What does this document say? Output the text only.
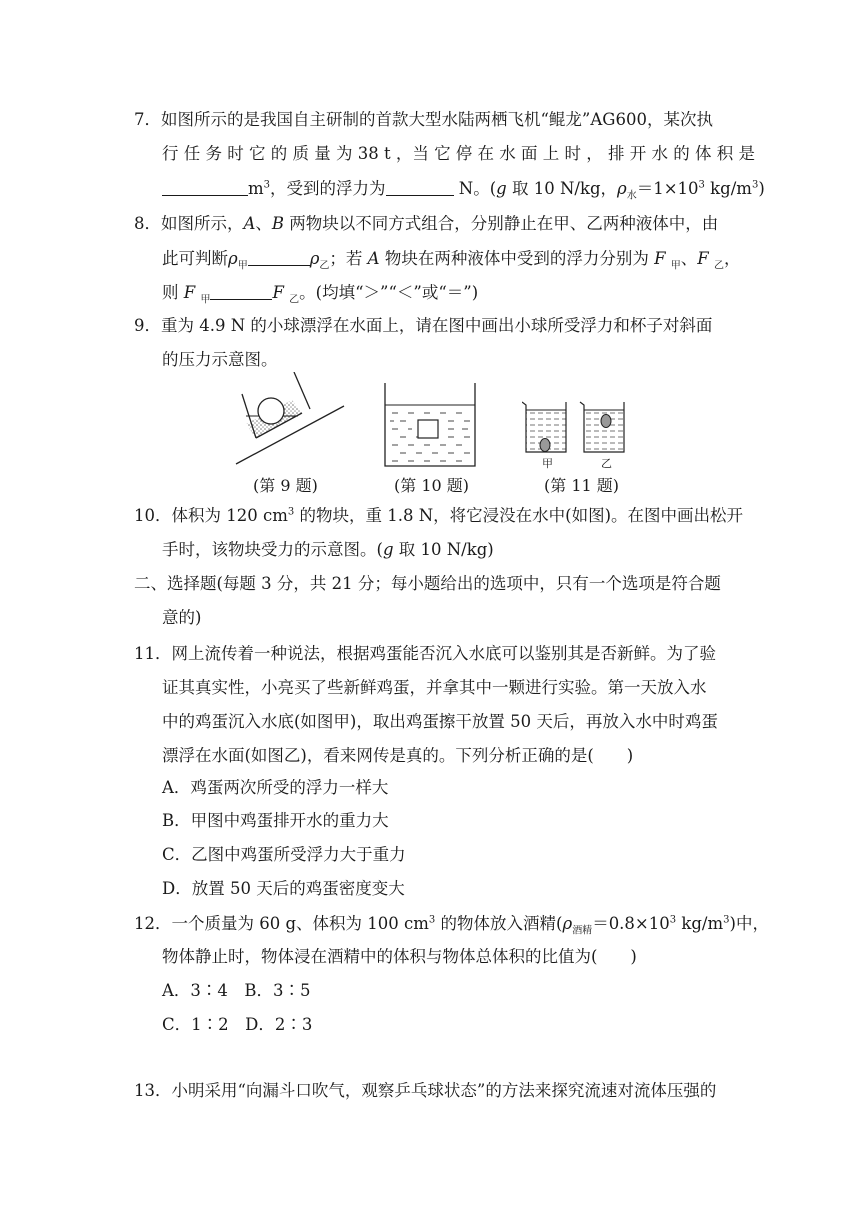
7．如图所示的是我国自主研制的首款大型水陆两栖飞机“鲲龙”AG600，某次执
行 任 务 时 它 的 质 量 为 38 t ，当 它 停 在 水 面 上 时 ， 排 开 水 的 体 积 是
$m^3$，受到的浮力为	N。(g 取 10 N/kg，$\rho_水=1\times 10^3$ $kg/m^3$)
8．如图所示，A、B 两物块以不同方式组合，分别静止在甲、乙两种液体中，由
此可判断$\rho_甲$	$\rho_乙$；若 A 物块在两种液体中受到的浮力分别为 F $_甲$、F $_乙$，
则 F $_甲$	F $_乙$。(均填“＞”“＜”或“＝”)
9．重为 4.9 N 的小球漂浮在水面上，请在图中画出小球所受浮力和杯子对斜面
的压力示意图。
甲	乙
(第 9 题)	(第 10 题)	(第 11 题)
10．体积为 120 $cm^3$ 的物块，重 1.8 N，将它浸没在水中(如图)。在图中画出松开
手时，该物块受力的示意图。(g 取 10 N/kg)
二、选择题(每题 3 分，共 21 分；每小题给出的选项中，只有一个选项是符合题
意的)
11．网上流传着一种说法，根据鸡蛋能否沉入水底可以鉴别其是否新鲜。为了验
证其真实性，小亮买了些新鲜鸡蛋，并拿其中一颗进行实验。第一天放入水
中的鸡蛋沉入水底(如图甲)，取出鸡蛋擦干放置 50 天后，再放入水中时鸡蛋
漂浮在水面(如图乙)，看来网传是真的。下列分析正确的是(　　)
A．鸡蛋两次所受的浮力一样大
B．甲图中鸡蛋排开水的重力大
C．乙图中鸡蛋所受浮力大于重力
D．放置 50 天后的鸡蛋密度变大
12．一个质量为 60 g、体积为 100 $cm^3$ 的物体放入酒精($\rho_{酒精}=0.8\times 10^3$ $kg/m^3$)中，
物体静止时，物体浸在酒精中的体积与物体总体积的比值为(　　)
A．3∶4　B．3∶5
C．1∶2　D．2∶3
13．小明采用“向漏斗口吹气，观察乒乓球状态”的方法来探究流速对流体压强的
